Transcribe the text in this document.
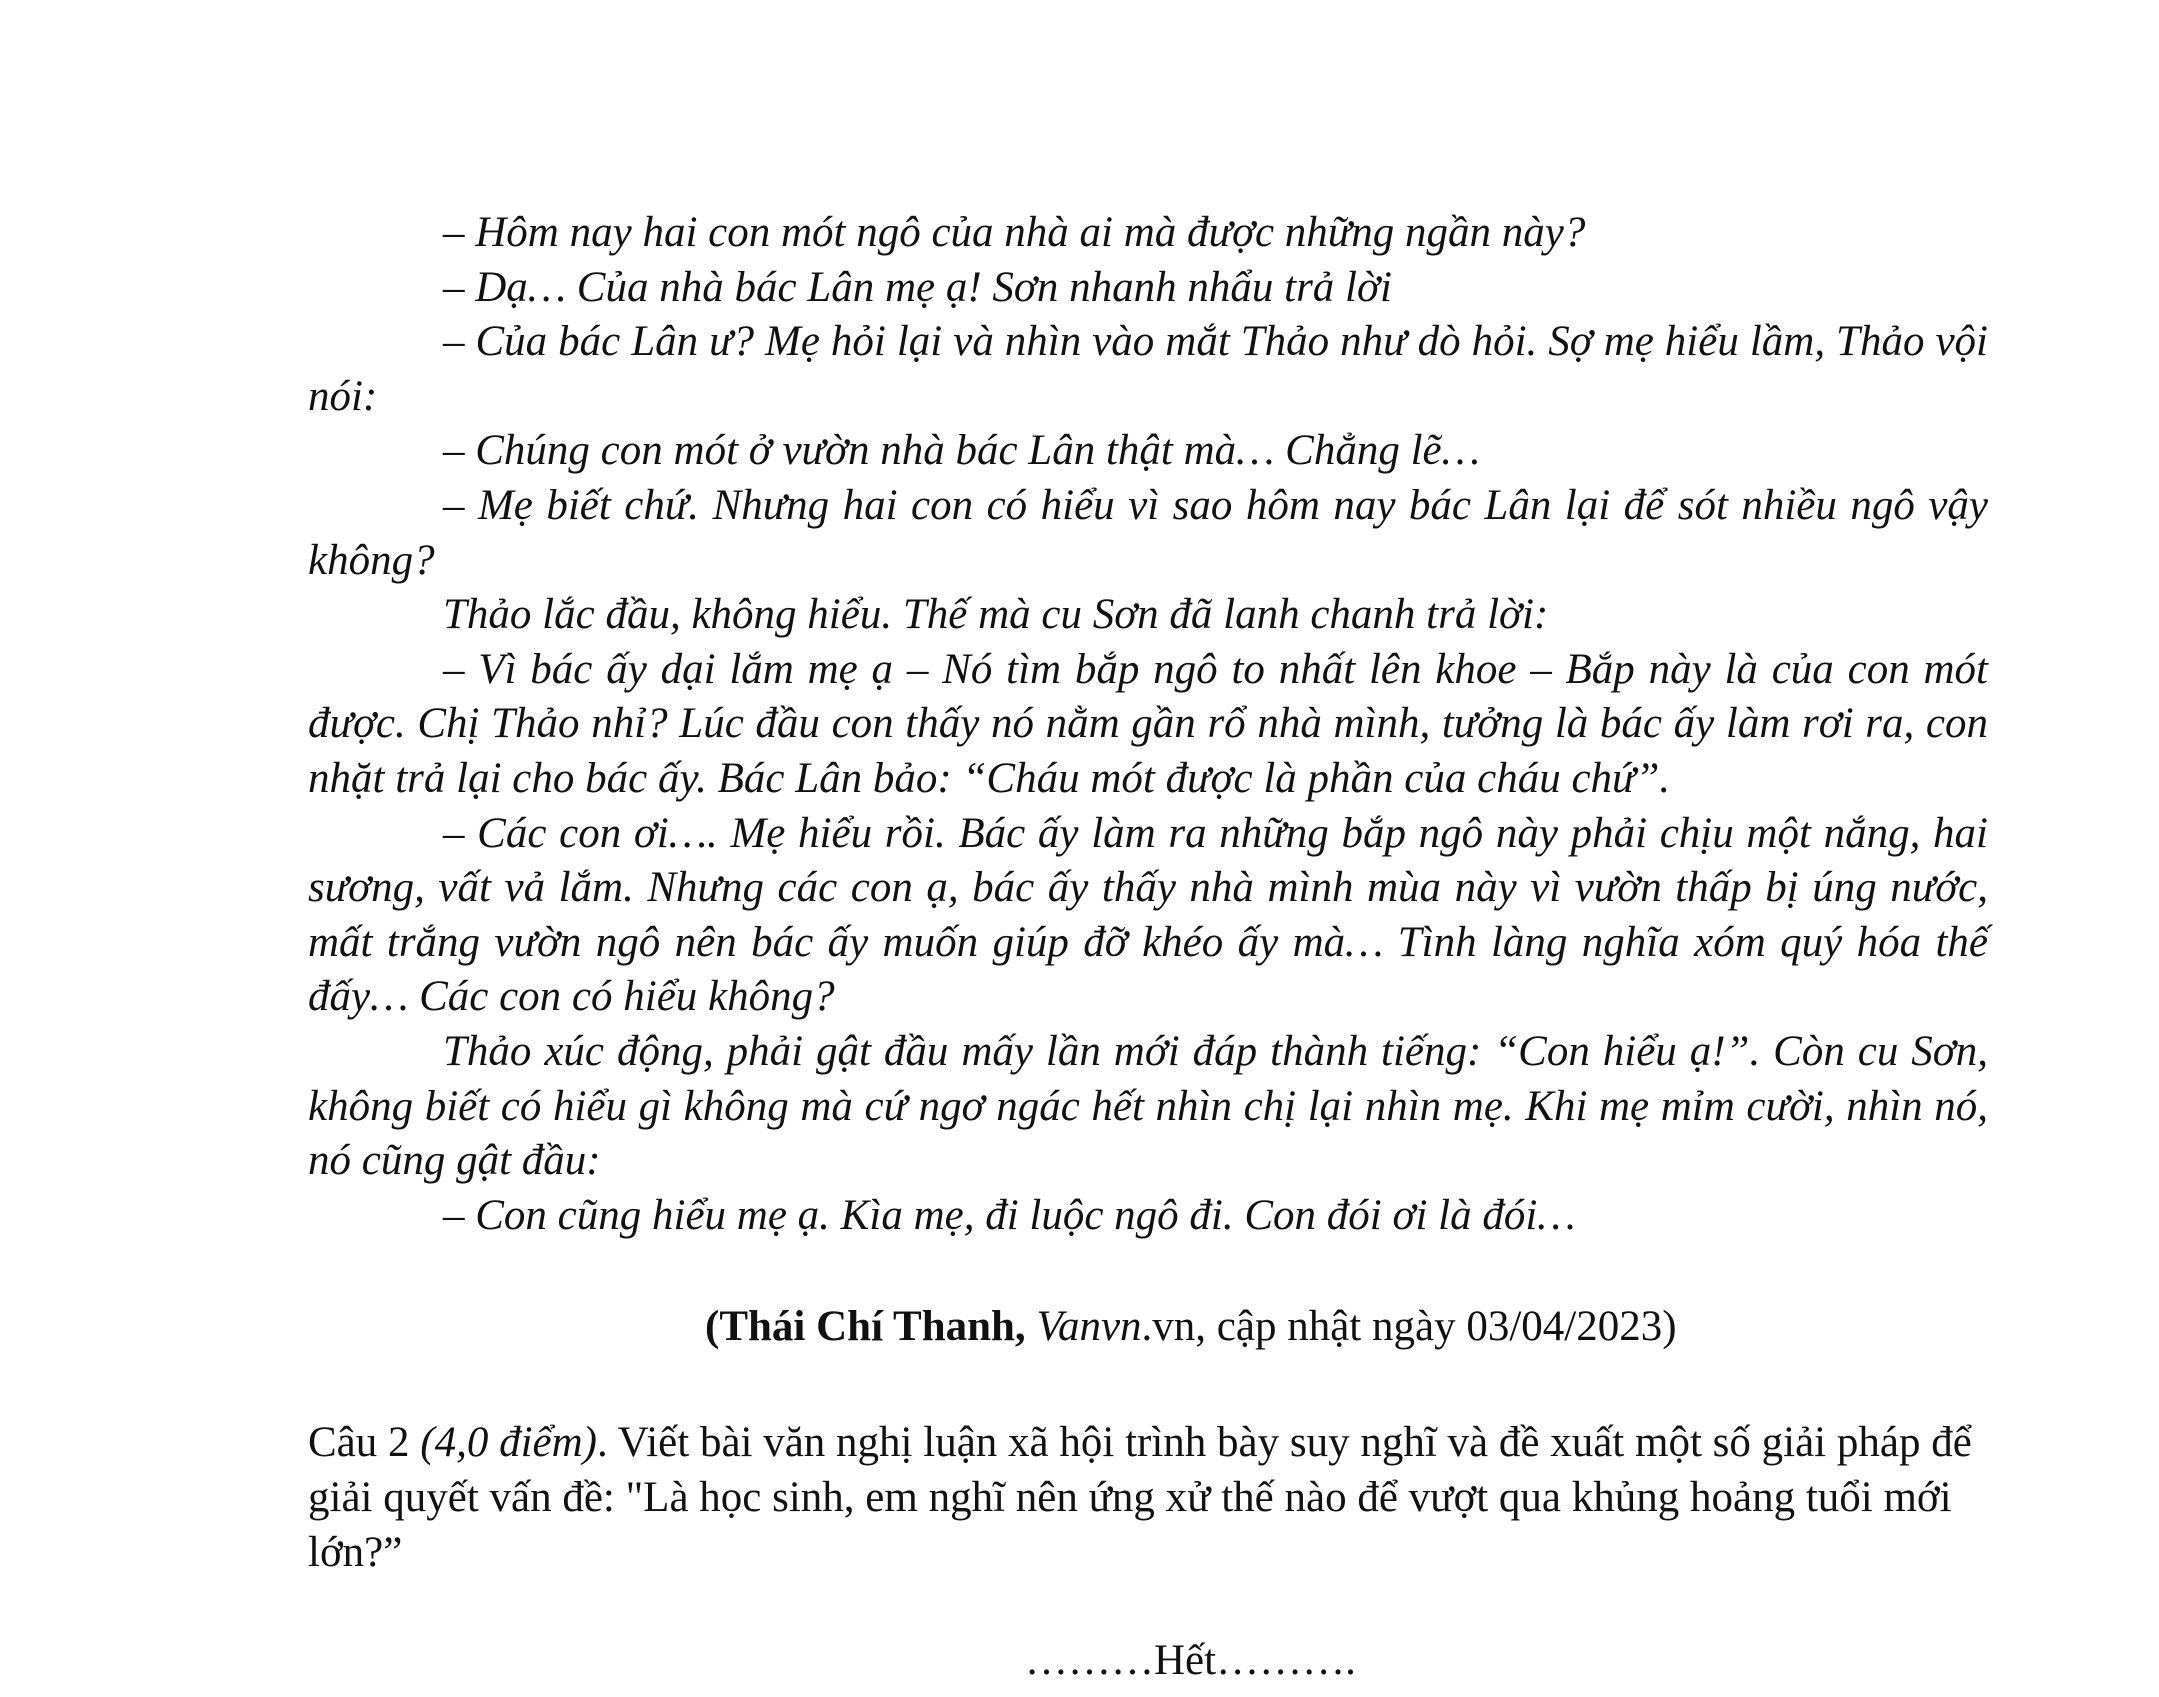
– Hôm nay hai con mót ngô của nhà ai mà được những ngần này?

– Dạ… Của nhà bác Lân mẹ ạ! Sơn nhanh nhẩu trả lời

– Của bác Lân ư? Mẹ hỏi lại và nhìn vào mắt Thảo như dò hỏi. Sợ mẹ hiểu lầm, Thảo vội nói:

– Chúng con mót ở vườn nhà bác Lân thật mà… Chẳng lẽ…

– Mẹ biết chứ. Nhưng hai con có hiểu vì sao hôm nay bác Lân lại để sót nhiều ngô vậy không?

Thảo lắc đầu, không hiểu. Thế mà cu Sơn đã lanh chanh trả lời:

– Vì bác ấy dại lắm mẹ ạ – Nó tìm bắp ngô to nhất lên khoe – Bắp này là của con mót được. Chị Thảo nhỉ? Lúc đầu con thấy nó nằm gần rổ nhà mình, tưởng là bác ấy làm rơi ra, con nhặt trả lại cho bác ấy. Bác Lân bảo: “Cháu mót được là phần của cháu chứ”.

– Các con ơi…. Mẹ hiểu rồi. Bác ấy làm ra những bắp ngô này phải chịu một nắng, hai sương, vất vả lắm. Nhưng các con ạ, bác ấy thấy nhà mình mùa này vì vườn thấp bị úng nước, mất trắng vườn ngô nên bác ấy muốn giúp đỡ khéo ấy mà… Tình làng nghĩa xóm quý hóa thế đấy… Các con có hiểu không?

Thảo xúc động, phải gật đầu mấy lần mới đáp thành tiếng: “Con hiểu ạ!”. Còn cu Sơn, không biết có hiểu gì không mà cứ ngơ ngác hết nhìn chị lại nhìn mẹ. Khi mẹ mỉm cười, nhìn nó, nó cũng gật đầu:

– Con cũng hiểu mẹ ạ. Kìa mẹ, đi luộc ngô đi. Con đói ơi là đói…

(Thái Chí Thanh, Vanvn.vn, cập nhật ngày 03/04/2023)
Câu 2 (4,0 điểm). Viết bài văn nghị luận xã hội trình bày suy nghĩ và đề xuất một số giải pháp để giải quyết vấn đề: "Là học sinh, em nghĩ nên ứng xử thế nào để vượt qua khủng hoảng tuổi mới lớn?”
………Hết……….
